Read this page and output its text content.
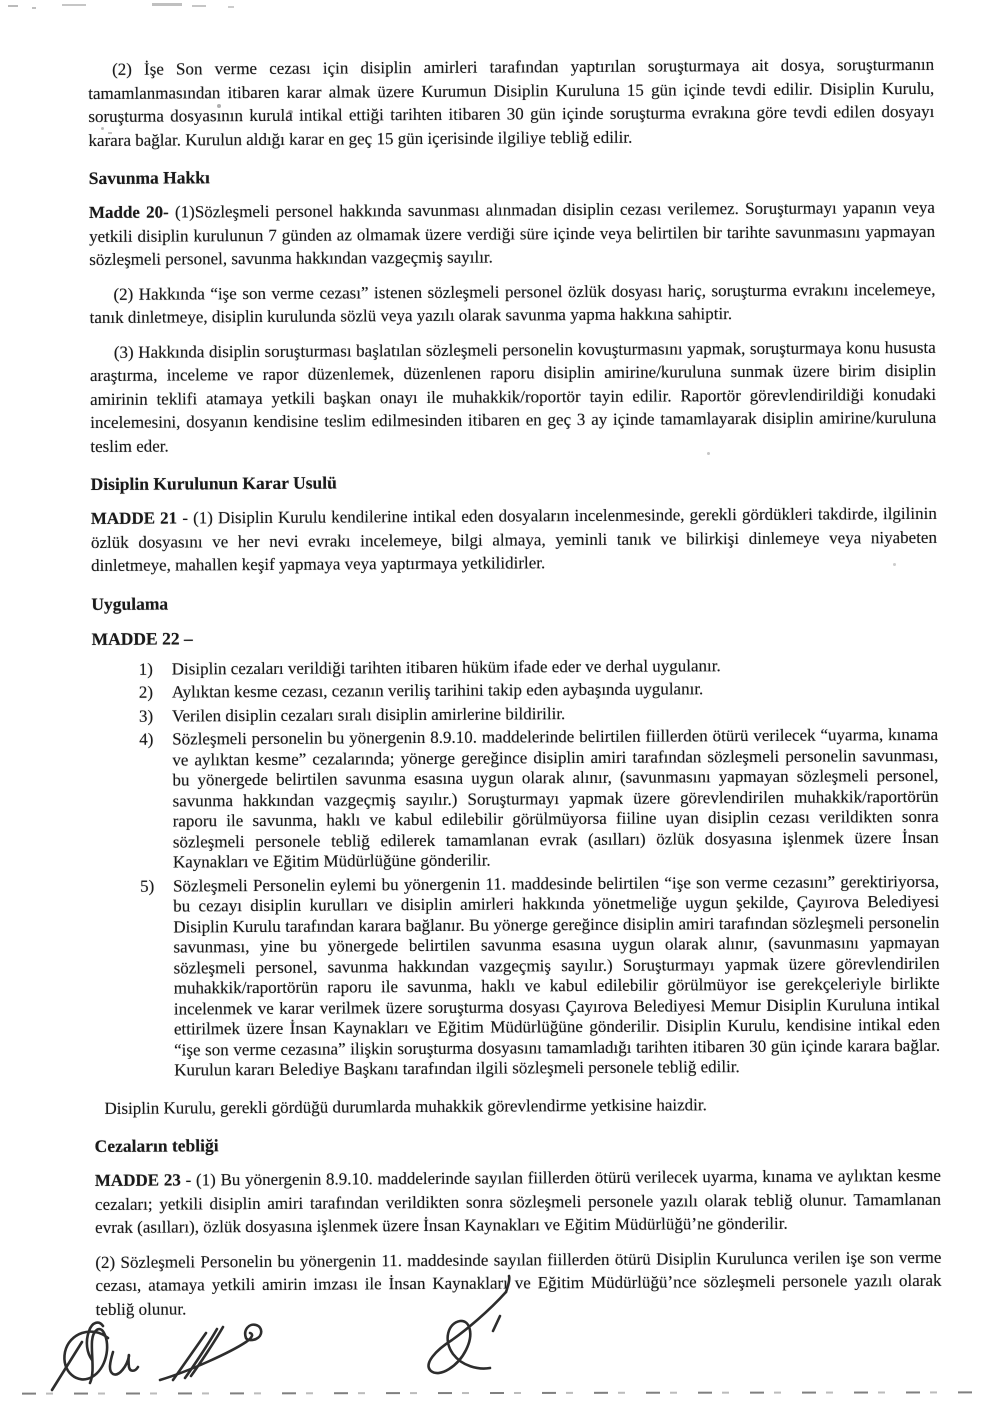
(2) İşe Son verme cezası için disiplin amirleri tarafından yaptırılan soruşturmaya ait dosya, soruşturmanın tamamlanmasından itibaren karar almak üzere Kurumun Disiplin Kuruluna 15 gün içinde tevdi edilir. Disiplin Kurulu, soruşturma dosyasının kurula intikal ettiği tarihten itibaren 30 gün içinde soruşturma evrakına göre tevdi edilen dosyayı karara bağlar. Kurulun aldığı karar en geç 15 gün içerisinde ilgiliye tebliğ edilir.

Savunma Hakkı

Madde 20- (1)Sözleşmeli personel hakkında savunması alınmadan disiplin cezası verilemez. Soruşturmayı yapanın veya yetkili disiplin kurulunun 7 günden az olmamak üzere verdiği süre içinde veya belirtilen bir tarihte savunmasını yapmayan sözleşmeli personel, savunma hakkından vazgeçmiş sayılır.

(2) Hakkında “işe son verme cezası” istenen sözleşmeli personel özlük dosyası hariç, soruşturma evrakını incelemeye, tanık dinletmeye, disiplin kurulunda sözlü veya yazılı olarak savunma yapma hakkına sahiptir.

(3) Hakkında disiplin soruşturması başlatılan sözleşmeli personelin kovuşturmasını yapmak, soruşturmaya konu hususta araştırma, inceleme ve rapor düzenlemek, düzenlenen raporu disiplin amirine/kuruluna sunmak üzere birim disiplin amirinin teklifi atamaya yetkili başkan onayı ile muhakkik/roportör tayin edilir. Raportör görevlendirildiği konudaki incelemesini, dosyanın kendisine teslim edilmesinden itibaren en geç 3 ay içinde tamamlayarak disiplin amirine/kuruluna teslim eder.

Disiplin Kurulunun Karar Usulü

MADDE 21 - (1) Disiplin Kurulu kendilerine intikal eden dosyaların incelenmesinde, gerekli gördükleri takdirde, ilgilinin özlük dosyasını ve her nevi evrakı incelemeye, bilgi almaya, yeminli tanık ve bilirkişi dinlemeye veya niyabeten dinletmeye, mahallen keşif yapmaya veya yaptırmaya yetkilidirler.

Uygulama
MADDE 22 –
1)	Disiplin cezaları verildiği tarihten itibaren hüküm ifade eder ve derhal uygulanır.
2)	Aylıktan kesme cezası, cezanın veriliş tarihini takip eden aybaşında uygulanır.
3)	Verilen disiplin cezaları sıralı disiplin amirlerine bildirilir.
4)	Sözleşmeli personelin bu yönergenin 8.9.10. maddelerinde belirtilen fiillerden ötürü verilecek “uyarma, kınama ve aylıktan kesme” cezalarında; yönerge gereğince disiplin amiri tarafından sözleşmeli personelin savunması, bu yönergede belirtilen savunma esasına uygun olarak alınır, (savunmasını yapmayan sözleşmeli personel, savunma hakkından vazgeçmiş sayılır.) Soruşturmayı yapmak üzere görevlendirilen muhakkik/raportörün raporu ile savunma, haklı ve kabul edilebilir görülmüyorsa fiiline uyan disiplin cezası verildikten sonra sözleşmeli personele tebliğ edilerek tamamlanan evrak (asılları) özlük dosyasına işlenmek üzere İnsan Kaynakları ve Eğitim Müdürlüğüne gönderilir.
5)	Sözleşmeli Personelin eylemi bu yönergenin 11. maddesinde belirtilen “işe son verme cezasını” gerektiriyorsa, bu cezayı disiplin kurulları ve disiplin amirleri hakkında yönetmeliğe uygun şekilde, Çayırova Belediyesi Disiplin Kurulu tarafından karara bağlanır. Bu yönerge gereğince disiplin amiri tarafından sözleşmeli personelin savunması, yine bu yönergede belirtilen savunma esasına uygun olarak alınır, (savunmasını yapmayan sözleşmeli personel, savunma hakkından vazgeçmiş sayılır.) Soruşturmayı yapmak üzere görevlendirilen muhakkik/raportörün raporu ile savunma, haklı ve kabul edilebilir görülmüyor ise gerekçeleriyle birlikte incelenmek ve karar verilmek üzere soruşturma dosyası Çayırova Belediyesi Memur Disiplin Kuruluna intikal ettirilmek üzere İnsan Kaynakları ve Eğitim Müdürlüğüne gönderilir. Disiplin Kurulu, kendisine intikal eden “işe son verme cezasına” ilişkin soruşturma dosyasını tamamladığı tarihten itibaren 30 gün içinde karara bağlar. Kurulun kararı Belediye Başkanı tarafından ilgili sözleşmeli personele tebliğ edilir.

Disiplin Kurulu, gerekli gördüğü durumlarda muhakkik görevlendirme yetkisine haizdir.

Cezaların tebliği

MADDE 23 - (1) Bu yönergenin 8.9.10. maddelerinde sayılan fiillerden ötürü verilecek uyarma, kınama ve aylıktan kesme cezaları; yetkili disiplin amiri tarafından verildikten sonra sözleşmeli personele yazılı olarak tebliğ olunur. Tamamlanan evrak (asılları), özlük dosyasına işlenmek üzere İnsan Kaynakları ve Eğitim Müdürlüğü’ne gönderilir.

(2) Sözleşmeli Personelin bu yönergenin 11. maddesinde sayılan fiillerden ötürü Disiplin Kurulunca verilen işe son verme cezası, atamaya yetkili amirin imzası ile İnsan Kaynakları ve Eğitim Müdürlüğü’nce sözleşmeli personele yazılı olarak tebliğ olunur.
